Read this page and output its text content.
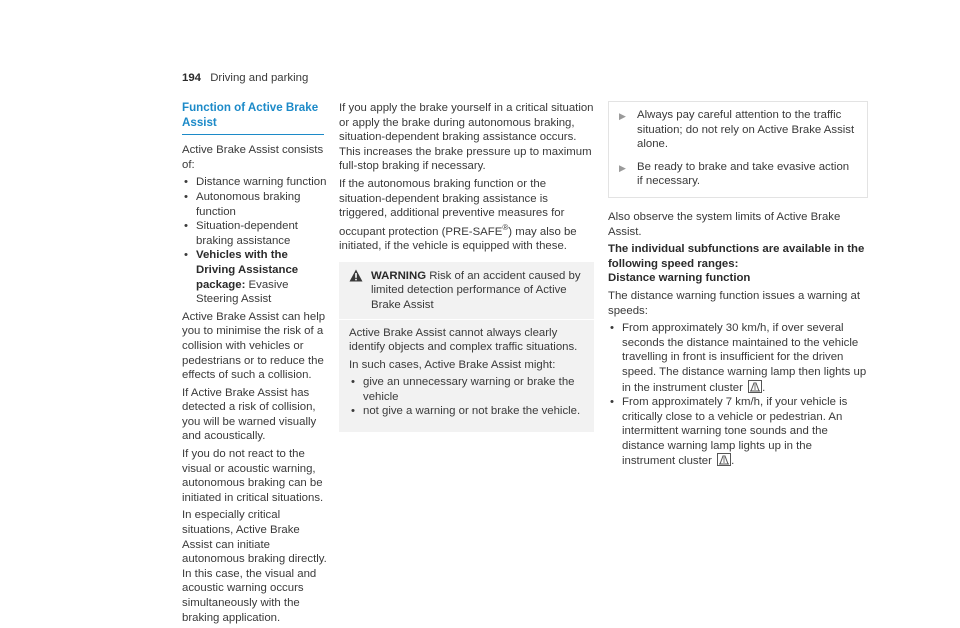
194 Driving and parking

Function of Active Brake Assist

Active Brake Assist consists of:

• Distance warning function
• Autonomous braking function
• Situation-dependent braking assistance
• Vehicles with the Driving Assistance package: Evasive Steering Assist

Active Brake Assist can help you to minimise the risk of a collision with vehicles or pedestrians or to reduce the effects of such a collision.

If Active Brake Assist has detected a risk of collision, you will be warned visually and acoustically.

If you do not react to the visual or acoustic warning, autonomous braking can be initiated in critical situations.

In especially critical situations, Active Brake Assist can initiate autonomous braking directly. In this case, the visual and acoustic warning occurs simultaneously with the braking application.

If you apply the brake yourself in a critical situation or apply the brake during autonomous braking, situation-dependent braking assistance occurs. This increases the brake pressure up to maximum full-stop braking if necessary.

If the autonomous braking function or the situation-dependent braking assistance is triggered, additional preventive measures for occupant protection (PRE-SAFE®) may also be initiated, if the vehicle is equipped with these.

WARNING Risk of an accident caused by limited detection performance of Active Brake Assist

Active Brake Assist cannot always clearly identify objects and complex traffic situations.

In such cases, Active Brake Assist might:

• give an unnecessary warning or brake the vehicle
• not give a warning or not brake the vehicle.
▶ Always pay careful attention to the traffic situation; do not rely on Active Brake Assist alone.
▶ Be ready to brake and take evasive action if necessary.

Also observe the system limits of Active Brake Assist.

The individual subfunctions are available in the following speed ranges:

Distance warning function

The distance warning function issues a warning at speeds:

• From approximately 30 km/h, if over several seconds the distance maintained to the vehicle travelling in front is insufficient for the driven speed. The distance warning lamp then lights up in the instrument cluster .
• From approximately 7 km/h, if your vehicle is critically close to a vehicle or pedestrian. An intermittent warning tone sounds and the distance warning lamp lights up in the instrument cluster .
